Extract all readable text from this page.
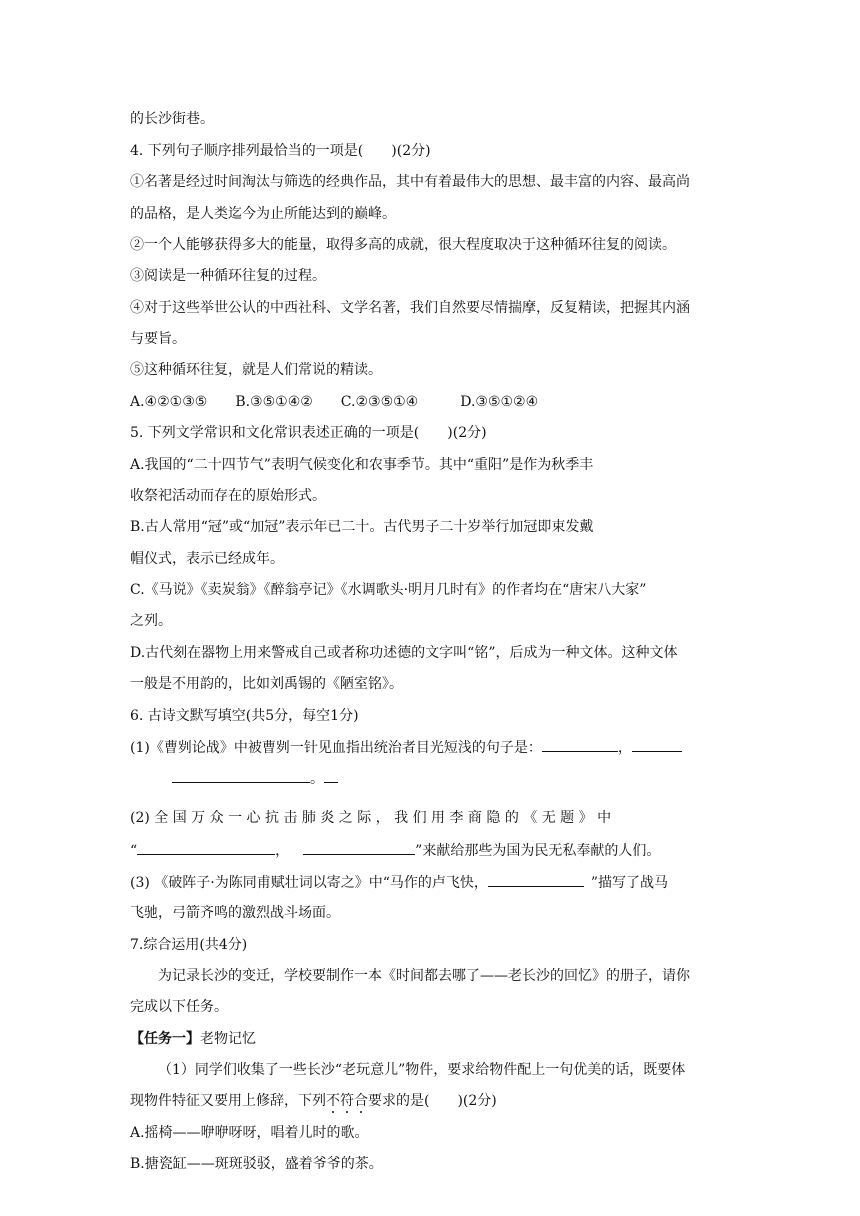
的长沙街巷。

4. 下列句子顺序排列最恰当的一项是(　　)(2分)

①名著是经过时间淘汰与筛选的经典作品，其中有着最伟大的思想、最丰富的内容、最高尚

的品格，是人类迄今为止所能达到的巅峰。

②一个人能够获得多大的能量，取得多高的成就，很大程度取决于这种循环往复的阅读。

③阅读是一种循环往复的过程。

④对于这些举世公认的中西社科、文学名著，我们自然要尽情揣摩，反复精读，把握其内涵

与要旨。

⑤这种循环往复，就是人们常说的精读。

A.④②①③⑤　　B.③⑤①④②　　C.②③⑤①④　　　D.③⑤①②④

5. 下列文学常识和文化常识表述正确的一项是(　　)(2分)

A.我国的“二十四节气”表明气候变化和农事季节。其中“重阳”是作为秋季丰

收祭祀活动而存在的原始形式。

B.古人常用“冠”或“加冠”表示年已二十。古代男子二十岁举行加冠即束发戴

帽仪式，表示已经成年。

C.《马说》《卖炭翁》《醉翁亭记》《水调歌头·明月几时有》的作者均在“唐宋八大家”

之列。

D.古代刻在器物上用来警戒自己或者称功述德的文字叫“铭”，后成为一种文体。这种文体

一般是不用韵的，比如刘禹锡的《陋室铭》。

6. 古诗文默写填空(共5分，每空1分)

(1)《曹刿论战》中被曹刿一针见血指出统治者目光短浅的句子是：	，

。

(2) 全 国 万 众 一 心 抗 击 肺 炎 之 际 ， 我 们 用 李 商 隐 的 《 无 题 》 中

“	， 	”来献给那些为国为民无私奉献的人们。

(3) 《破阵子·为陈同甫赋壮词以寄之》中“马作的卢飞快， 	”描写了战马

飞驰，弓箭齐鸣的激烈战斗场面。

7.综合运用(共4分)

为记录长沙的变迁，学校要制作一本《时间都去哪了——老长沙的回忆》的册子，请你

完成以下任务。

【任务一】老物记忆

（1）同学们收集了一些长沙“老玩意儿”物件，要求给物件配上一句优美的话，既要体

现物件特征又要用上修辞，下列不符合要求的是(　　)(2分)

A.摇椅——咿咿呀呀，唱着儿时的歌。

B.搪瓷缸——斑斑驳驳，盛着爷爷的茶。
